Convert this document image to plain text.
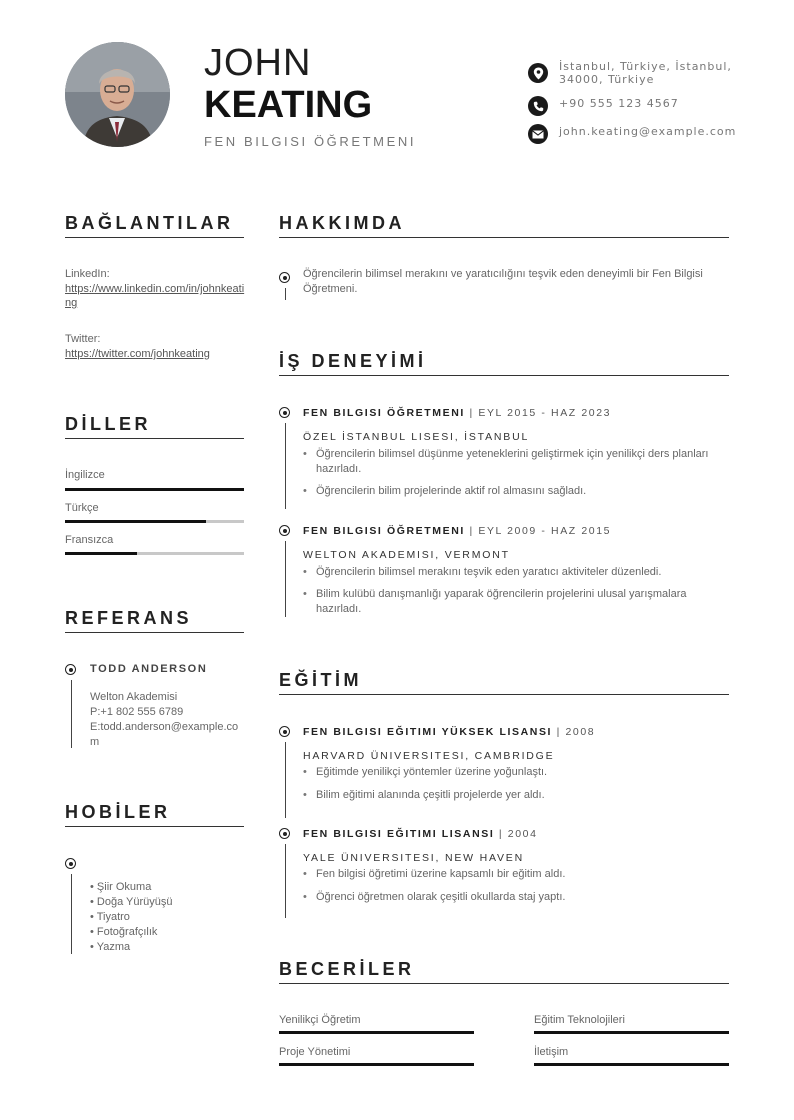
JOHN
KEATING
FEN BILGISI ÖĞRETMENI
İstanbul, Türkiye, İstanbul, 34000, Türkiye
+90 555 123 4567
john.keating@example.com
BAĞLANTILAR
LinkedIn:
https://www.linkedin.com/in/johnkeating
Twitter:
https://twitter.com/johnkeating
DİLLER
İngilizce
Türkçe
Fransızca
REFERANS
TODD ANDERSON
Welton Akademisi
P:+1 802 555 6789
E:todd.anderson@example.com
HOBİLER
• Şiir Okuma
• Doğa Yürüyüşü
• Tiyatro
• Fotoğrafçılık
• Yazma
HAKKIMDA
Öğrencilerin bilimsel merakını ve yaratıcılığını teşvik eden deneyimli bir Fen Bilgisi Öğretmeni.
İŞ DENEYİMİ
FEN BILGISI ÖĞRETMENI | EYL 2015 - HAZ 2023
ÖZEL İSTANBUL LISESI, İSTANBUL
• Öğrencilerin bilimsel düşünme yeteneklerini geliştirmek için yenilikçi ders planları hazırladı.
• Öğrencilerin bilim projelerinde aktif rol almasını sağladı.
FEN BILGISI ÖĞRETMENI | EYL 2009 - HAZ 2015
WELTON AKADEMISI, VERMONT
• Öğrencilerin bilimsel merakını teşvik eden yaratıcı aktiviteler düzenledi.
• Bilim kulübü danışmanlığı yaparak öğrencilerin projelerini ulusal yarışmalara hazırladı.
EĞİTİM
FEN BILGISI EĞITIMI YÜKSEK LISANSI | 2008
HARVARD ÜNIVERSITESI, CAMBRIDGE
• Eğitimde yenilikçi yöntemler üzerine yoğunlaştı.
• Bilim eğitimi alanında çeşitli projelerde yer aldı.
FEN BILGISI EĞITIMI LISANSI | 2004
YALE ÜNIVERSITESI, NEW HAVEN
• Fen bilgisi öğretimi üzerine kapsamlı bir eğitim aldı.
• Öğrenci öğretmen olarak çeşitli okullarda staj yaptı.
BECERİLER
Yenilikçi Öğretim	Eğitim Teknolojileri
Proje Yönetimi	İletişim
